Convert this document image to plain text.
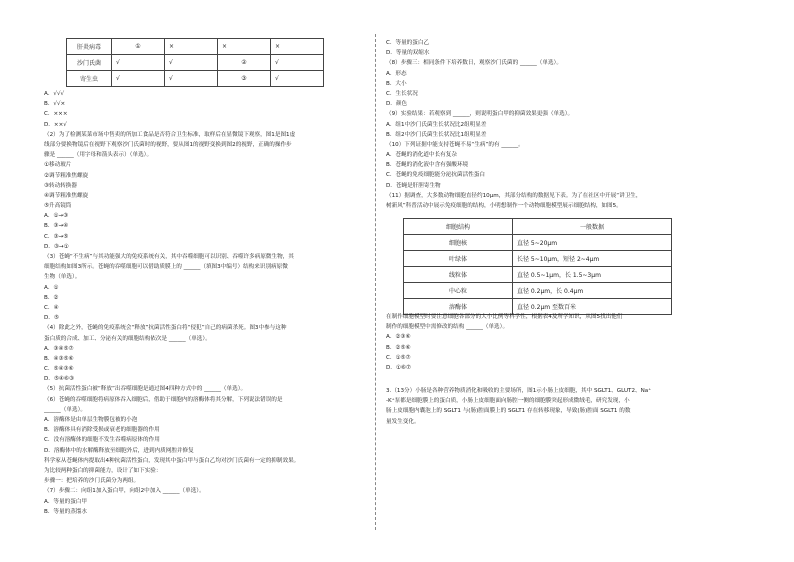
肝炎病毒	①	×	×	×
沙门氏菌	√	√	②	√
寄生虫	√	√	③	√
A．√√√
B．√√×
C．×××
D．××√
（2）为了检测某菜市场中售卖的所加工食品是否符合卫生标准，取样后在显微镜下观察，图1是图1虚
线部分要换物镜后在视野下观察沙门氏菌时的视野，要从图1的视野变换到图2的视野，正确的操作步
骤是 ______（用字母和箭头表示）（单选）。
①移动玻片
②调节粗准焦螺旋
③转动转换器
④调节粗准焦螺旋
⑤升高镜筒
A．①→③
B．③→④
C．③→⑤
D．③→①
（3）苍蝇“不生病”与其功能强大的免疫系统有关，其中吞噬细胞可以识别、吞噬许多病原微生物，其
细胞结构如图3所示。苍蝇的吞噬细胞可以借助质膜上的 ______（填图3中编号）结构来识别病原微
生物（单选）。
A．①
B．②
C．④
D．⑤
（4）除此之外，苍蝇的免疫系统会“释放”抗菌活性蛋白将“侵犯”自己的病菌杀死。图3中参与这种
蛋白质的合成、加工、分泌有关的细胞结构依次是 ______（单选）。
A．③④⑤⑦
B．④③⑤⑥
C．⑤④③⑥
D．⑤④⑥③
（5）抗菌活性蛋白被“释放”出吞噬细胞是通过图4四种方式中的 ______（单选）。
（6）苍蝇的吞噬细胞将病原体吞入细胞后，借助于细胞内的溶酶体将其分解，下列说法错误的是
______（单选）。
A．溶酶体是由单层生物膜包被的小泡
B．溶酶体具有消除受损或衰老的细胞器的作用
C．没有溶酶体的细胞不发生吞噬病原体的作用
D．溶酶体中的水解酶释放至细胞外后，进到内质网腔并修复
科学家从苍蝇体内提取出4种抗菌活性蛋白，发现其中蛋白甲与蛋白乙均对沙门氏菌有一定的抑制效果。
为比较两种蛋白的抑菌能力，设计了如下实验：
步骤一：把培养的沙门氏菌分为两组。
（7）步骤二：向组1加入蛋白甲，向组2中加入 ______（单选）。
A．等量的蛋白甲
B．等量的蒸馏水
C．等量的蛋白乙
D．等量的双缩水
（8）步骤三：相同条件下培养数日，观察沙门氏菌的 ______（单选）。
A．形态
B．大小
C．生长状况
D．颜色
（9）实验结果：若观察到 ______，则说明蛋白甲的抑菌效果更强（单选）。
A．组1中沙门氏菌生长状况比2组明显差
B．组2中沙门氏菌生长状况比1组明显差
（10）下列证据中能支持苍蝇不易“生病”的有 ______。
A．苍蝇的消化道中长有复杂
B．苍蝇的消化液中含有强酸环境
C．苍蝇的免疫细胞能分泌抗菌活性蛋白
D．苍蝇是肝胆寄生物
（11）据调查，大多数动物细胞直径约10μm，其部分结构的数据见下表。为了在社区中开展“讲卫生，
树新风”科普活动中展示免疫细胞的结构，小明想制作一个动物细胞模型展示细胞结构，如图5。
细胞结构	一般数据
细胞核	直径 5~20μm
叶绿体	长径 5~10μm，短径 2~4μm
线粒体	直径 0.5~1μm，长 1.5~3μm
中心粒	直径 0.2μm，长 0.4μm
溶酶体	直径 0.2μm 至数百米
在制作细胞模型时要注意细胞各部分的大小比例等科学性，根据表4及所学知识，从图5找出他们
制作的细胞模型中需修改的结构 ______（单选）。
A．②③⑥
B．②⑤⑥
C．①⑤⑦
D．①⑥⑦
3.（13分）小肠是各种营养物质消化和吸收的主要场所，图1示小肠上皮细胞，其中 SGLT1、GLUT2、Na⁺
-K⁺泵都是细胞膜上的蛋白质，小肠上皮细胞面向肠腔一侧的细胞膜突起形成微绒毛，研究发现，小
肠上皮细胞内囊泡上的 SGLT1 与(肠)腔面膜上的 SGLT1 存在转移现象，导致(肠)腔面 SGLT1 的数
量发生变化。
